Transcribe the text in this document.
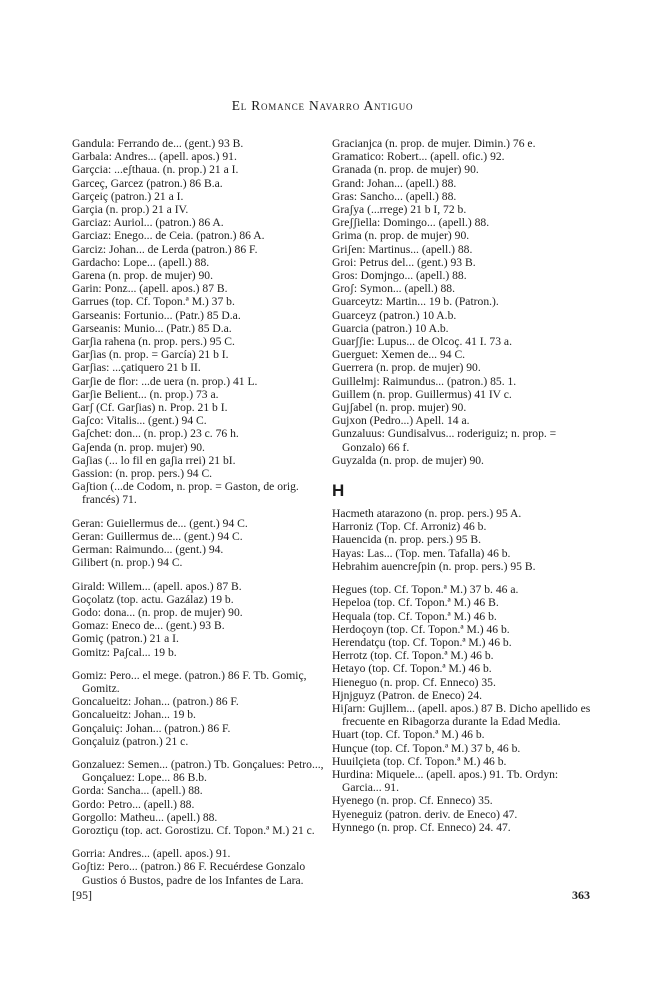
El Romance Navarro Antiguo
Gandula: Ferrando de... (gent.) 93 B.
Garbala: Andres... (apell. apos.) 91.
Garçcia: ...eʃthaua. (n. prop.) 21 a I.
Garceç, Garcez (patron.) 86 B.a.
Garçeiç (patron.) 21 a I.
Garçia (n. prop.) 21 a IV.
Garciaz: Auriol... (patron.) 86 A.
Garciaz: Enego... de Ceia. (patron.) 86 A.
Garciz: Johan... de Lerda (patron.) 86 F.
Gardacho: Lope... (apell.) 88.
Garena (n. prop. de mujer) 90.
Garin: Ponz... (apell. apos.) 87 B.
Garrues (top. Cf. Topon.ª M.) 37 b.
Garseanis: Fortunio... (Patr.) 85 D.a.
Garseanis: Munio... (Patr.) 85 D.a.
Garʃia rahena (n. prop. pers.) 95 C.
Garʃias (n. prop. = García) 21 b I.
Garʃias: ...çatiquero 21 b II.
Garʃie de flor: ...de uera (n. prop.) 41 L.
Garʃie Belient... (n. prop.) 73 a.
Garʃ (Cf. Garʃias) n. Prop. 21 b I.
Gaʃco: Vitalis... (gent.) 94 C.
Gaʃchet: don... (n. prop.) 23 c. 76 h.
Gaʃenda (n. prop. mujer) 90.
Gaʃias (... lo fil en gaʃia rrei) 21 bI.
Gassion: (n. prop. pers.) 94 C.
Gaʃtion (...de Codom, n. prop. = Gaston, de orig. francés) 71.
Geran: Guiellermus de... (gent.) 94 C.
Geran: Guillermus de... (gent.) 94 C.
German: Raimundo... (gent.) 94.
Gilibert (n. prop.) 94 C.
Girald: Willem... (apell. apos.) 87 B.
Goçolatz (top. actu. Gazálaz) 19 b.
Godo: dona... (n. prop. de mujer) 90.
Gomaz: Eneco de... (gent.) 93 B.
Gomiç (patron.) 21 a I.
Gomitz: Paʃcal... 19 b.
Gomiz: Pero... el mege. (patron.) 86 F. Tb. Gomiç, Gomitz.
Goncalueitz: Johan... (patron.) 86 F.
Goncalueitz: Johan... 19 b.
Gonçaluiç: Johan... (patron.) 86 F.
Gonçaluiz (patron.) 21 c.
Gonzaluez: Semen... (patron.) Tb. Gonçalues: Petro..., Gonçaluez: Lope... 86 B.b.
Gorda: Sancha... (apell.) 88.
Gordo: Petro... (apell.) 88.
Gorgollo: Matheu... (apell.) 88.
Goroztiçu (top. act. Gorostizu. Cf. Topon.ª M.) 21 c.
Gorria: Andres... (apell. apos.) 91.
Goʃtiz: Pero... (patron.) 86 F. Recuérdese Gonzalo Gustios ó Bustos, padre de los Infantes de Lara.
Gracianjca (n. prop. de mujer. Dimin.) 76 e.
Gramatico: Robert... (apell. ofic.) 92.
Granada (n. prop. de mujer) 90.
Grand: Johan... (apell.) 88.
Gras: Sancho... (apell.) 88.
Graʃya (...rrege) 21 b I, 72 b.
Greʃʃiella: Domingo... (apell.) 88.
Grima (n. prop. de mujer) 90.
Griʃen: Martinus... (apell.) 88.
Groi: Petrus del... (gent.) 93 B.
Gros: Domjngo... (apell.) 88.
Groʃ: Symon... (apell.) 88.
Guarceytz: Martin... 19 b. (Patron.).
Guarceyz (patron.) 10 A.b.
Guarcia (patron.) 10 A.b.
Guarʃʃie: Lupus... de Olcoç. 41 I. 73 a.
Guerguet: Xemen de... 94 C.
Guerrera (n. prop. de mujer) 90.
Guillelmj: Raimundus... (patron.) 85. 1.
Guillem (n. prop. Guillermus) 41 IV c.
Gujʃabel (n. prop. mujer) 90.
Gujxon (Pedro...) Apell. 14 a.
Gunzaluus: Gundisalvus... roderiguiz; n. prop. = Gonzalo) 66 f.
Guyzalda (n. prop. de mujer) 90.
H
Hacmeth atarazono (n. prop. pers.) 95 A.
Harroniz (Top. Cf. Arroniz) 46 b.
Hauencida (n. prop. pers.) 95 B.
Hayas: Las... (Top. men. Tafalla) 46 b.
Hebrahim auencreʃpin (n. prop. pers.) 95 B.
Hegues (top. Cf. Topon.ª M.) 37 b. 46 a.
Hepeloa (top. Cf. Topon.ª M.) 46 B.
Hequala (top. Cf. Topon.ª M.) 46 b.
Herdoçoyn (top. Cf. Topon.ª M.) 46 b.
Herendatçu (top. Cf. Topon.ª M.) 46 b.
Herrotz (top. Cf. Topon.ª M.) 46 b.
Hetayo (top. Cf. Topon.ª M.) 46 b.
Hieneguo (n. prop. Cf. Enneco) 35.
Hjnjguyz (Patron. de Eneco) 24.
Hiʃarn: Gujllem... (apell. apos.) 87 B. Dicho apellido es frecuente en Ribagorza durante la Edad Media.
Huart (top. Cf. Topon.ª M.) 46 b.
Hunçue (top. Cf. Topon.ª M.) 37 b, 46 b.
Huuilçieta (top. Cf. Topon.ª M.) 46 b.
Hurdina: Miquele... (apell. apos.) 91. Tb. Ordyn: Garcia... 91.
Hyenego (n. prop. Cf. Enneco) 35.
Hyeneguiz (patron. deriv. de Eneco) 47.
Hynnego (n. prop. Cf. Enneco) 24. 47.
[95]	363
